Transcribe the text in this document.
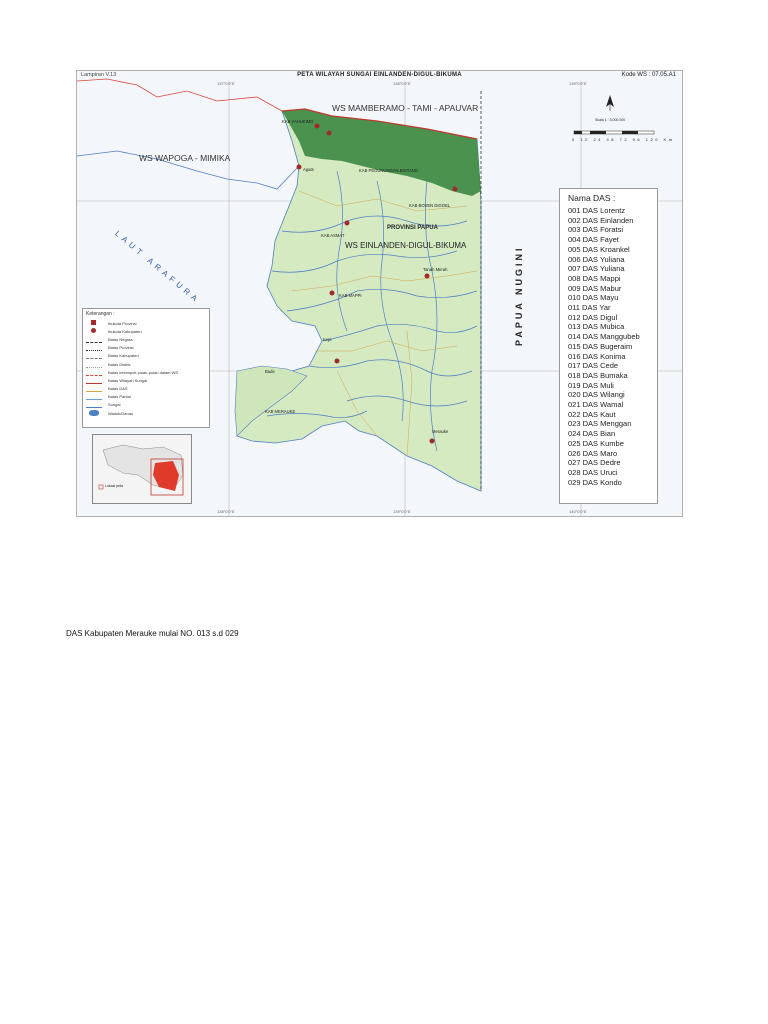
Lampiran V.13	PETA WILAYAH SUNGAI EINLANDEN-DIGUL-BIKUMA	Kode WS : 07.05.A1
137°0'0"E	138°0'0"E	139°0'0"E
138°0'0"E	139°0'0"E	140°0'0"E
WS MAMBERAMO - TAMI - APAUVAR
WS WAPOGA - MIMIKA
LAUT ARAFURA	PAPUA NUGINI
PROVINSI PAPUA
WS EINLANDEN-DIGUL-BIKUMA
KAB YAHUKIMO
KAB PEGUNUNGAN BINTANG
Agats
KAB BOVEN DIGOEL
KAB ASMAT
Tanah Merah
KAB MAPPI
Kepi
KAB MERAUKE
Merauke
Bade
Keterangan :
Ibukota Provinsi
Ibukota Kabupaten
Batas Negara
Batas Provinsi
Batas Kabupaten
Batas Distrik
Batas kelompok pulau-pulau dalam WS
Batas Wilayah Sungai
Batas DAS
Batas Pantai
Sungai
Waduk/Danau
Lokasi peta
Skala 1 : 3.000.000
0 12 24 48 72 96 120 Km
Nama DAS :
001 DAS Lorentz
002 DAS Einlanden
003 DAS Foratsi
004 DAS Fayet
005 DAS Kroankel
006 DAS Yuliana
007 DAS Yuliana
008 DAS Mappi
009 DAS Mabur
010 DAS Mayu
011 DAS Yar
012 DAS Digul
013 DAS Mubica
014 DAS Manggubeb
015 DAS Bugeraim
016 DAS Konima
017 DAS Cede
018 DAS Bumaka
019 DAS Muli
020 DAS Wilangi
021 DAS Wamal
022 DAS Kaut
023 DAS Menggan
024 DAS Bian
025 DAS Kumbe
026 DAS Maro
027 DAS Dedre
028 DAS Uruci
029 DAS Kondo
DAS Kabupaten Merauke mulai NO. 013 s.d 029
